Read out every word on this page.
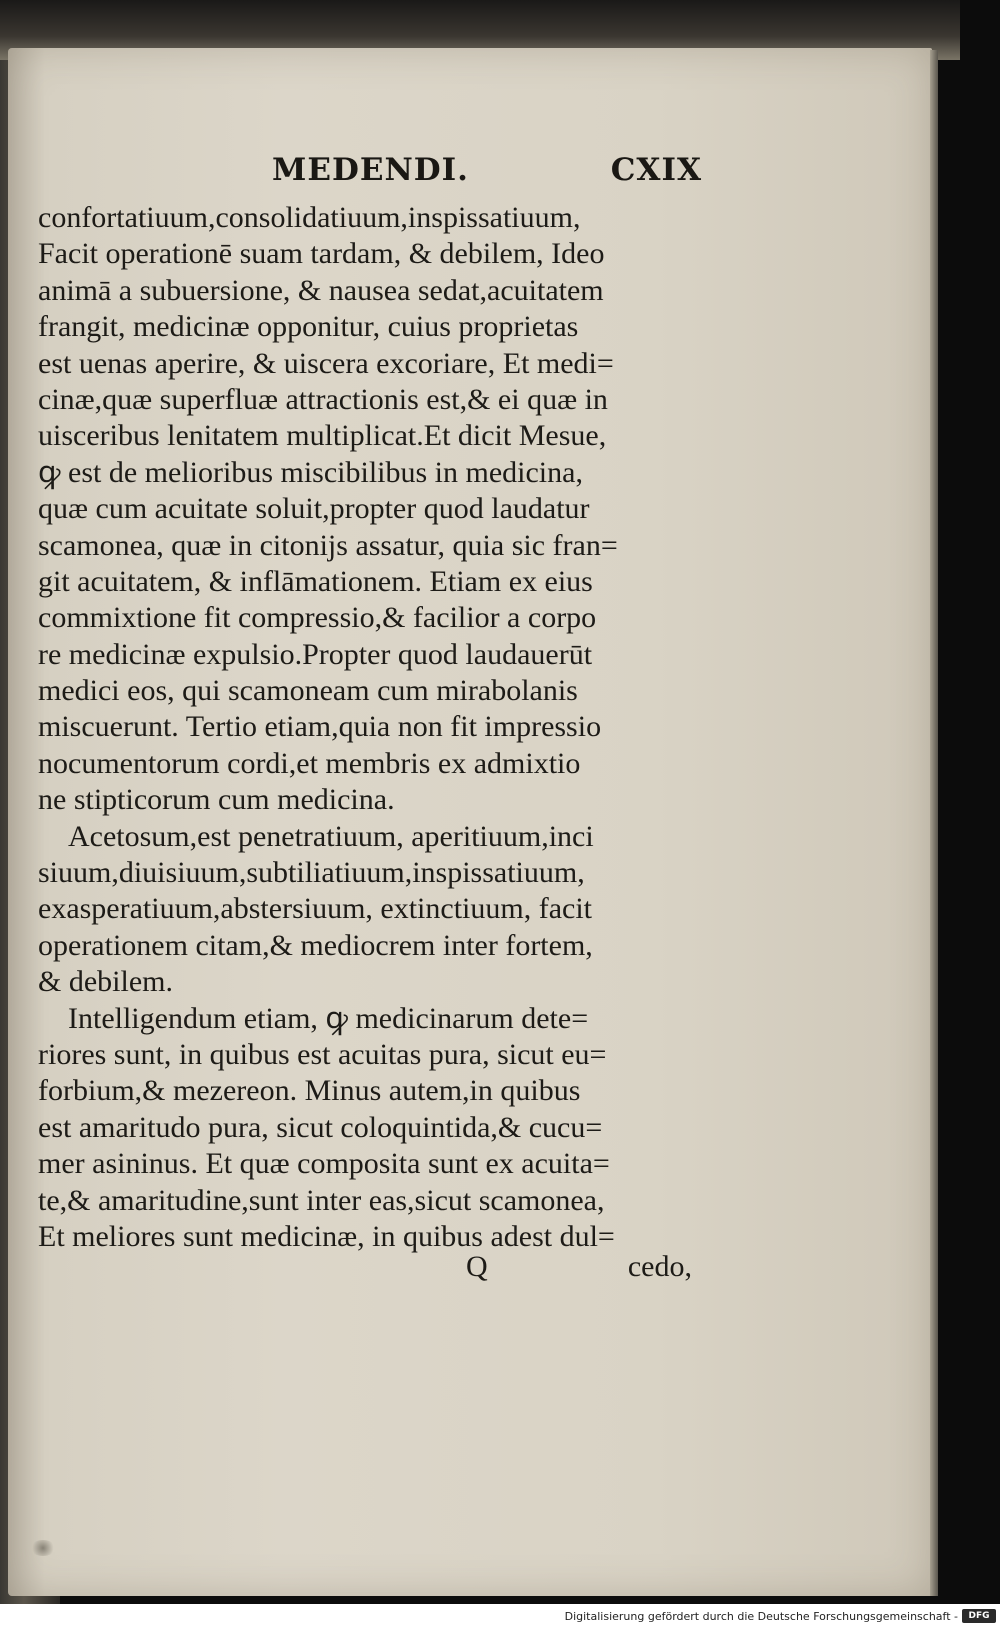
MEDENDI.	CXIX
confortatiuum,consolidatiuum,inspissatiuum,
Facit operationē suam tardam, & debilem, Ideo
animā a subuersione, & nausea sedat,acuitatem
frangit, medicinæ opponitur, cuius proprietas
est uenas aperire, & uiscera excoriare, Et medi=
cinæ,quæ superfluæ attractionis est,& ei quæ in
uisceribus lenitatem multiplicat.Et dicit Mesue,
ꝙ est de melioribus miscibilibus in medicina,
quæ cum acuitate soluit,propter quod laudatur
scamonea, quæ in citonijs assatur, quia sic fran=
git acuitatem, & inflāmationem. Etiam ex eius
commixtione fit compressio,& facilior a corpo
re medicinæ expulsio.Propter quod laudauerūt
medici eos, qui scamoneam cum mirabolanis
miscuerunt. Tertio etiam,quia non fit impressio
nocumentorum cordi,et membris ex admixtio
ne stipticorum cum medicina.
Acetosum,est penetratiuum, aperitiuum,inci
siuum,diuisiuum,subtiliatiuum,inspissatiuum,
exasperatiuum,abstersiuum, extinctiuum, facit
operationem citam,& mediocrem inter fortem,
& debilem.
Intelligendum etiam, ꝙ medicinarum dete=
riores sunt, in quibus est acuitas pura, sicut eu=
forbium,& mezereon. Minus autem,in quibus
est amaritudo pura, sicut coloquintida,& cucu=
mer asininus. Et quæ composita sunt ex acuita=
te,& amaritudine,sunt inter eas,sicut scamonea,
Et meliores sunt medicinæ, in quibus adest dul=
Q	cedo,
Digitalisierung gefördert durch die Deutsche Forschungsgemeinschaft -	DFG
